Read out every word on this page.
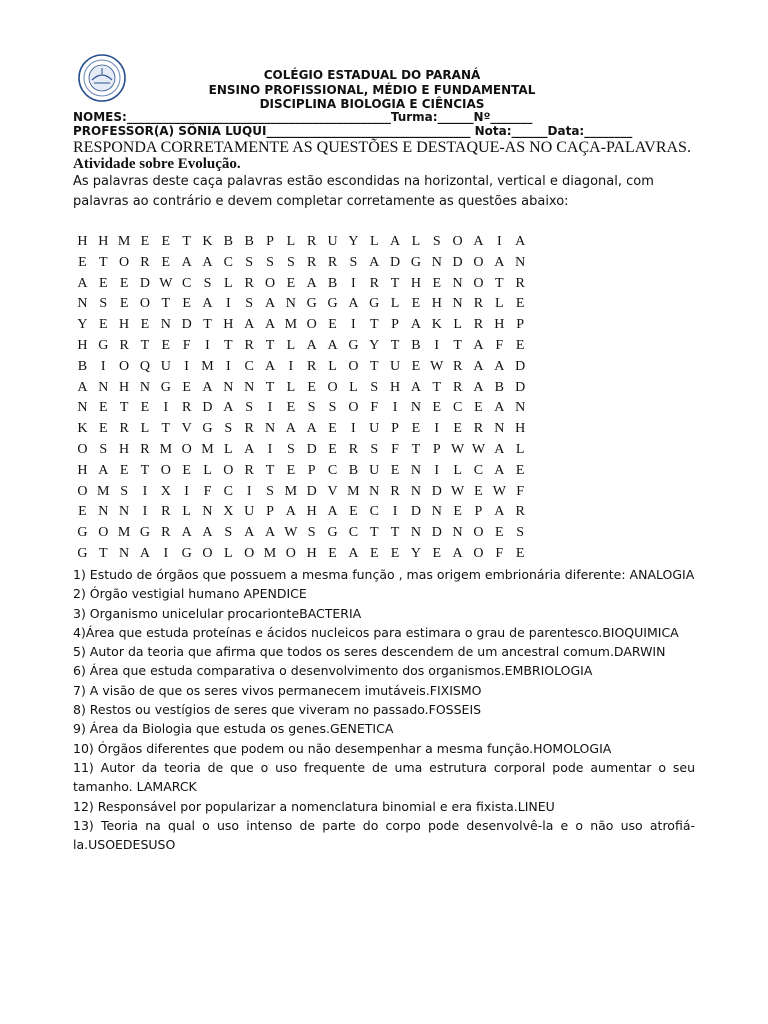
COLÉGIO ESTADUAL DO PARANÁ
ENSINO PROFISSIONAL, MÉDIO E FUNDAMENTAL
DISCIPLINA BIOLOGIA E CIÊNCIAS
NOMES:____________________________________________Turma:______Nº_______
PROFESSOR(A) SÔNIA LUQUI__________________________________ Nota:______Data:________
RESPONDA CORRETAMENTE AS QUESTÕES E DESTAQUE-AS NO CAÇA-PALAVRAS.
Atividade sobre Evolução.
As palavras deste caça palavras estão escondidas na horizontal, vertical e diagonal, com palavras ao contrário e devem completar corretamente as questões abaixo:
H H M E E T K B B P L R U Y L A L S O A I A
E T O R E A A C S S S R R S A D G N D O A N
A E E D W C S L R O E A B I R T H E N O T R
N S E O T E A I	S A N G G A G L E H N R L E
Y E H E N D T H A A M O E	I	T P A K L R H P
H G R T E F	I	T R T L A A G Y T B I	T A F E
B I O Q U I M I C A I R L O T U E W R A A D
A N H N G E A N N T L E O L S H A T R A B D
N E T E	I R D A S	I	E S S O F	I N E C E A N
K E R L T V G S R N A A E	I U P E	I	E R N H
O S H R M O M L A I	S D E R S F T P W W A L
H A E T O E L O R T E P C B U E N I	L C A E
O M S	I X I	F C I	S M D V M N R N D W E W F
E N N I R L N X U P A H A E C I D N E P A R
G O M G R A A S A A W S G C T T N D N O E S
G T N A I G O L O M O H E A E E Y E A O F E
1) Estudo de órgãos que possuem a mesma função , mas origem embrionária diferente: ANALOGIA
2) Órgão vestigial humano APENDICE
3) Organismo unicelular procarionteBACTERIA
4)Área que estuda proteínas e ácidos nucleicos para estimara o grau de parentesco.BIOQUIMICA
5) Autor da teoria que afirma que todos os seres descendem de um ancestral comum.DARWIN
6) Área que estuda comparativa o desenvolvimento dos organismos.EMBRIOLOGIA
7) A visão de que os seres vivos permanecem imutáveis.FIXISMO
8) Restos ou vestígios de seres que viveram no passado.FOSSEIS
9) Área da Biologia que estuda os genes.GENETICA
10) Órgãos diferentes que podem ou não desempenhar a mesma função.HOMOLOGIA
11) Autor da teoria de que o uso frequente de uma estrutura corporal pode aumentar o seu tamanho. LAMARCK
12) Responsável por popularizar a nomenclatura binomial e era fixista.LINEU
13) Teoria na qual o uso intenso de parte do corpo pode desenvolvê-la e o não uso atrofiá-la.USOEDESUSO
